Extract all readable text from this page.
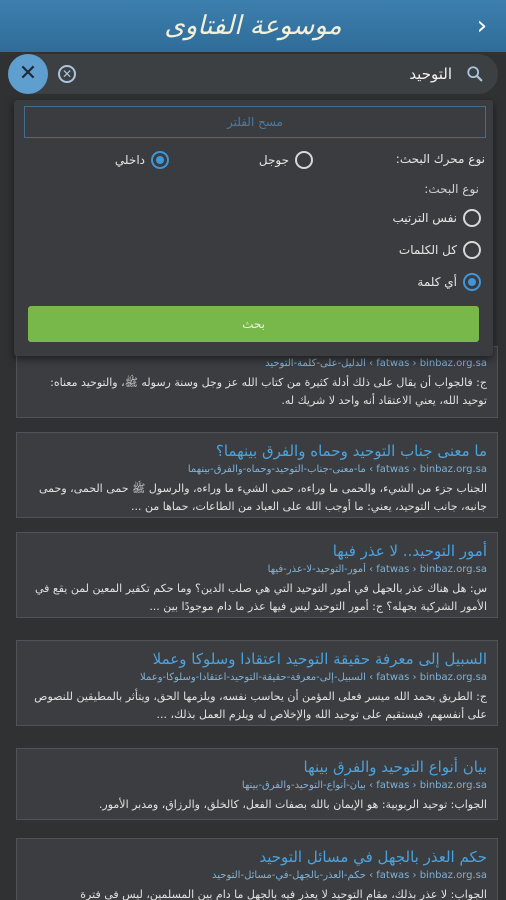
موسوعة الفتاوى	›
✕	✕
التوحيد
fatwas › binbaz.org.sa › الدليل-على-كلمة-التوحيد
ج: فالجواب أن يقال على ذلك أدلة كثيرة من كتاب الله عز وجل وسنة رسوله ﷺ، والتوحيد معناه: توحيد الله، يعني الاعتقاد أنه واحد لا شريك له.
ما معنى جناب التوحيد وحماه والفرق بينهما؟
fatwas › binbaz.org.sa › ما-معنى-جناب-التوحيد-وحماه-والفرق-بينهما
الجناب جزء من الشيء، والحمى ما وراءه، حمى الشيء ما وراءه، والرسول ﷺ حمى الحمى، وحمى جانبه، جانب التوحيد، يعني: ما أوجب الله على العباد من الطاعات، حماها من ...
أمور التوحيد.. لا عذر فيها
fatwas › binbaz.org.sa › أمور-التوحيد-لا-عذر-فيها
س: هل هناك عذر بالجهل في أمور التوحيد التي هي صلب الدين؟ وما حكم تكفير المعين لمن يقع في الأمور الشركية بجهله؟ ج: أمور التوحيد ليس فيها عذر ما دام موجودًا بين ...
السبيل إلى معرفة حقيقة التوحيد اعتقادا وسلوكا وعملا
fatwas › binbaz.org.sa › السبيل-إلى-معرفة-حقيقة-التوحيد-اعتقادا-وسلوكا-وعملا
ج: الطريق بحمد الله ميسر فعلى المؤمن أن يحاسب نفسه، ويلزمها الحق، ويتأثر بالمطيقين للنصوص على أنفسهم، فيستقيم على توحيد الله والإخلاص له ويلزم العمل بذلك، ...
بيان أنواع التوحيد والفرق بينها
fatwas › binbaz.org.sa › بيان-أنواع-التوحيد-والفرق-بينها
الجواب: توحيد الربوبية: هو الإيمان بالله بصفات الفعل، كالخلق، والرزاق، ومدبر الأمور.
حكم العذر بالجهل في مسائل التوحيد
fatwas › binbaz.org.sa › حكم-العذر-بالجهل-في-مسائل-التوحيد
الجواب: لا عذر بذلك، مقام التوحيد لا يعذر فيه بالجهل ما دام بين المسلمين، ليس في فترة
مسح الفلتر
نوع محرك البحث:
جوجل
داخلي
نوع البحث:
نفس الترتيب
كل الكلمات
أي كلمة
بحث
